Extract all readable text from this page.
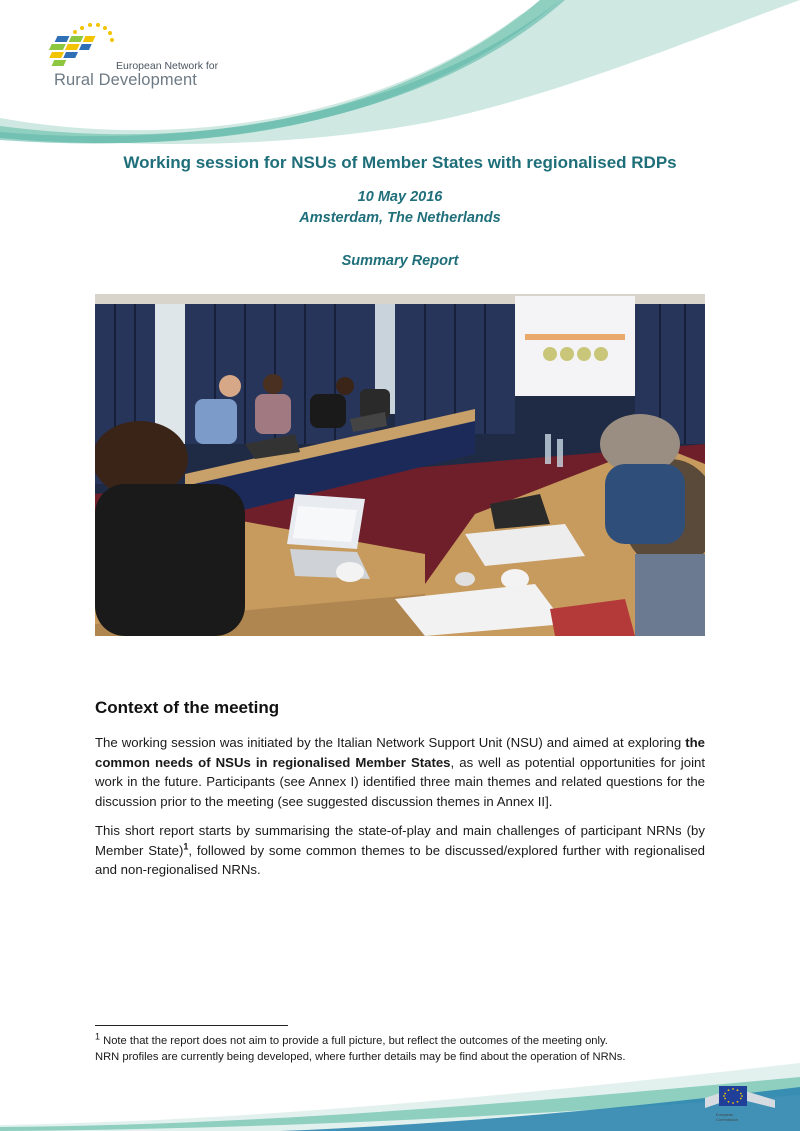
European Network for
Rural Development
Working session for NSUs of Member States with regionalised RDPs
10 May 2016
Amsterdam, The Netherlands
Summary Report
Context of the meeting

The working session was initiated by the Italian Network Support Unit (NSU) and aimed at exploring the common needs of NSUs in regionalised Member States, as well as potential opportunities for joint work in the future. Participants (see Annex I) identified three main themes and related questions for the discussion prior to the meeting (see suggested discussion themes in Annex II].

This short report starts by summarising the state-of-play and main challenges of participant NRNs (by Member State)$^1$, followed by some common themes to be discussed/explored further with regionalised and non-regionalised NRNs.

$^1$ Note that the report does not aim to provide a full picture, but reflect the outcomes of the meeting only.
NRN profiles are currently being developed, where further details may be find about the operation of NRNs.

European
Commission
